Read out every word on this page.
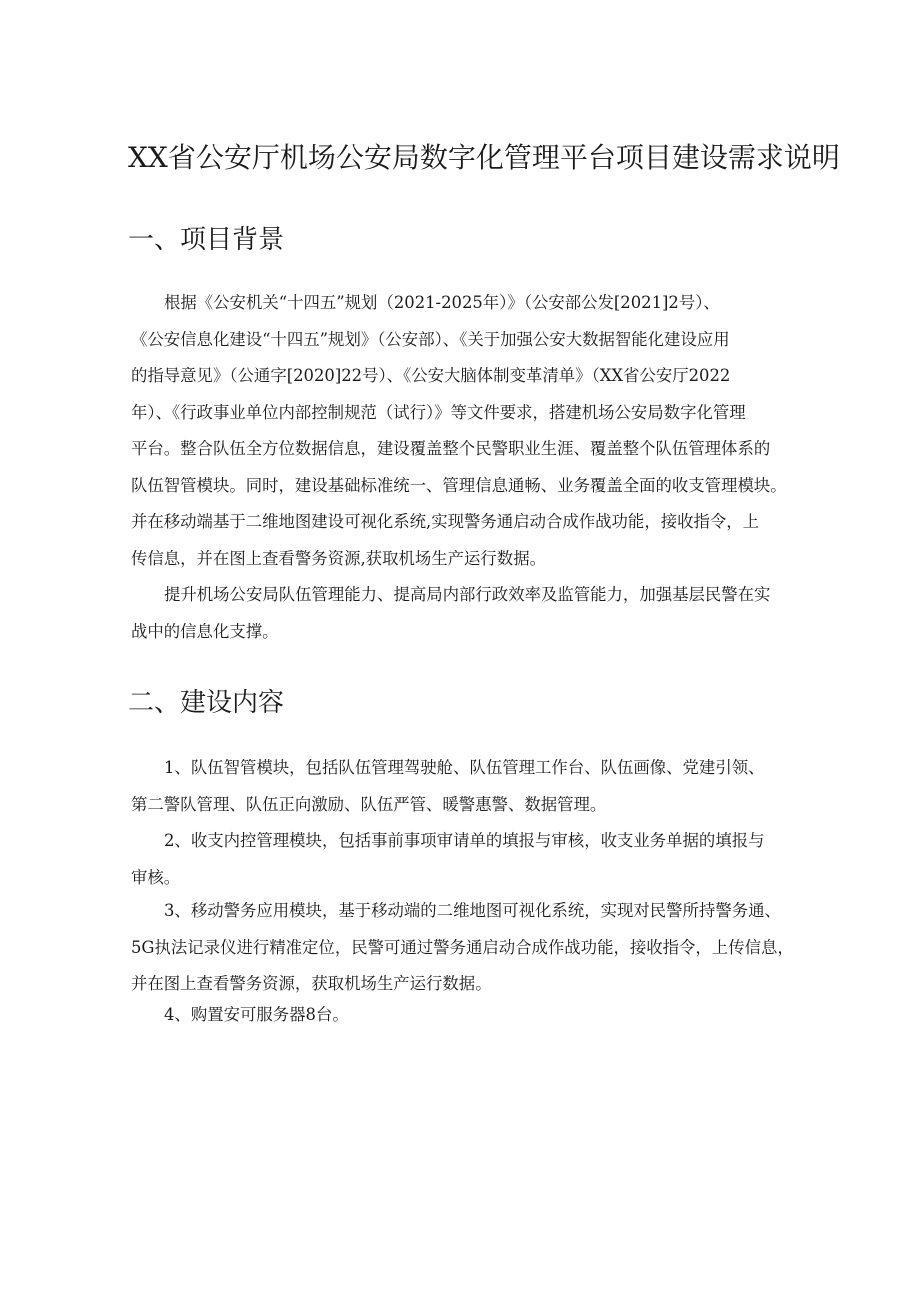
XX省公安厅机场公安局数字化管理平台项目建设需求说明
一、项目背景

根据《公安机关“十四五”规划（2021-2025年）》（公安部公发[2021]2号）、
《公安信息化建设“十四五”规划》（公安部）、《关于加强公安大数据智能化建设应用
的指导意见》（公通字[2020]22号）、《公安大脑体制变革清单》（XX省公安厅2022
年）、《行政事业单位内部控制规范（试行）》等文件要求，搭建机场公安局数字化管理
平台。整合队伍全方位数据信息，建设覆盖整个民警职业生涯、覆盖整个队伍管理体系的
队伍智管模块。同时，建设基础标准统一、管理信息通畅、业务覆盖全面的收支管理模块。
并在移动端基于二维地图建设可视化系统,实现警务通启动合成作战功能，接收指令，上
传信息，并在图上查看警务资源,获取机场生产运行数据。

提升机场公安局队伍管理能力、提高局内部行政效率及监管能力，加强基层民警在实
战中的信息化支撑。

二、建设内容

1、队伍智管模块，包括队伍管理驾驶舱、队伍管理工作台、队伍画像、党建引领、
第二警队管理、队伍正向激励、队伍严管、暖警惠警、数据管理。

2、收支内控管理模块，包括事前事项审请单的填报与审核，收支业务单据的填报与
审核。

3、移动警务应用模块，基于移动端的二维地图可视化系统，实现对民警所持警务通、
5G执法记录仪进行精准定位，民警可通过警务通启动合成作战功能，接收指令，上传信息，
并在图上查看警务资源，获取机场生产运行数据。

4、购置安可服务器8台。
